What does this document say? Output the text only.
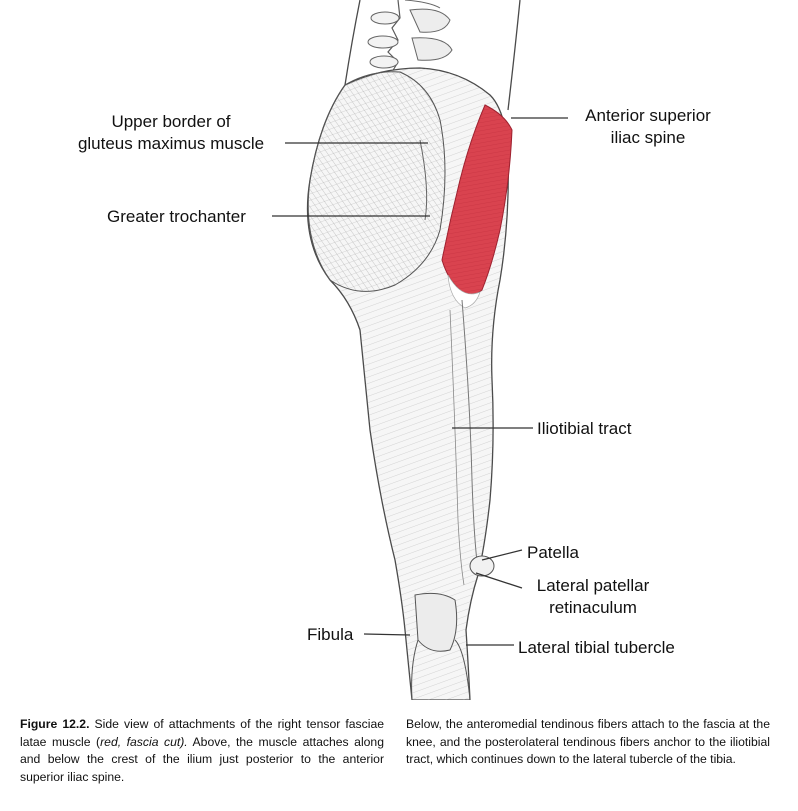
Upper border of
gluteus maximus muscle
Greater trochanter
Anterior superior
iliac spine
Iliotibial tract
Patella
Lateral patellar
retinaculum
Fibula
Lateral tibial tubercle
Figure 12.2. Side view of attachments of the right tensor fasciae latae muscle (red, fascia cut). Above, the muscle attaches along and below the crest of the ilium just posterior to the anterior superior iliac spine.
Below, the anteromedial tendinous fibers attach to the fascia at the knee, and the posterolateral tendinous fibers anchor to the iliotibial tract, which continues down to the lateral tubercle of the tibia.
